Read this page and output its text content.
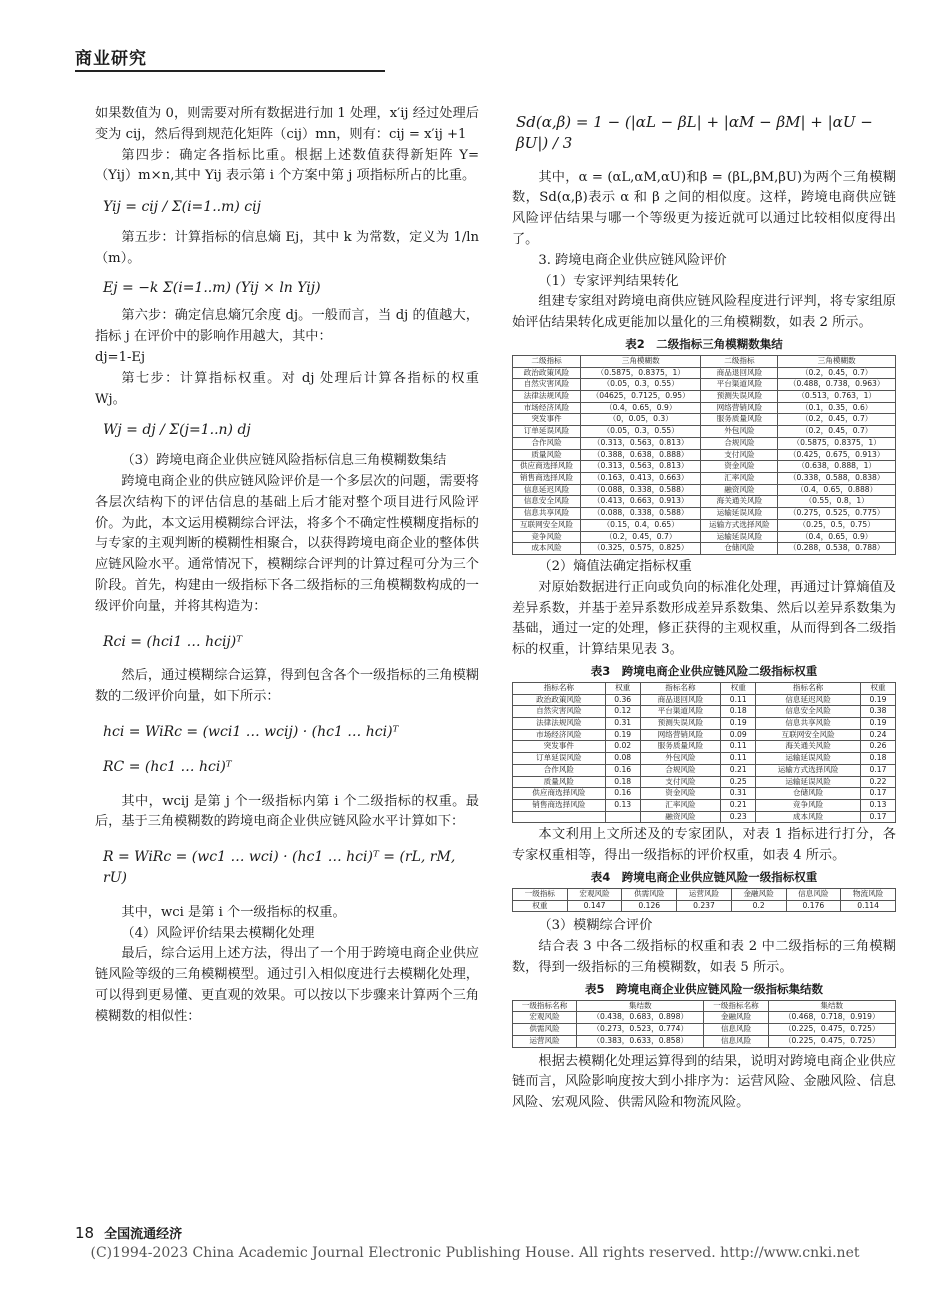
商业研究

如果数值为 0，则需要对所有数据进行加 1 处理，x′ij 经过处理后变为 cij，然后得到规范化矩阵（cij）mn，则有：cij = x′ij +1

第四步：确定各指标比重。根据上述数值获得新矩阵 Y=（Yij）m×n,其中 Yij 表示第 i 个方案中第 j 项指标所占的比重。

Yij = cij / Σ(i=1..m) cij

第五步：计算指标的信息熵 Ej，其中 k 为常数，定义为 1/ln（m）。

Ej = −k Σ(i=1..m) (Yij × ln Yij)

第六步：确定信息熵冗余度 dj。一般而言，当 dj 的值越大，指标 j 在评价中的影响作用越大，其中：

dj=1-Ej

第七步：计算指标权重。对 dj 处理后计算各指标的权重 Wj。

Wj = dj / Σ(j=1..n) dj

（3）跨境电商企业供应链风险指标信息三角模糊数集结

跨境电商企业的供应链风险评价是一个多层次的问题，需要将各层次结构下的评估信息的基础上后才能对整个项目进行风险评价。为此，本文运用模糊综合评法，将多个不确定性模糊度指标的与专家的主观判断的模糊性相聚合，以获得跨境电商企业的整体供应链风险水平。通常情况下，模糊综合评判的计算过程可分为三个阶段。首先，构建由一级指标下各二级指标的三角模糊数构成的一级评价向量，并将其构造为：

Rci = (hci1 … hcij)ᵀ

然后，通过模糊综合运算，得到包含各个一级指标的三角模糊数的二级评价向量，如下所示：

hci = WiRc = (wci1 … wcij) · (hc1 … hci)ᵀ
RC = (hc1 … hci)ᵀ

其中，wcij 是第 j 个一级指标内第 i 个二级指标的权重。最后，基于三角模糊数的跨境电商企业供应链风险水平计算如下：

R = WiRc = (wc1 … wci) · (hc1 … hci)ᵀ = (rL, rM, rU)

其中，wci 是第 i 个一级指标的权重。

（4）风险评价结果去模糊化处理

最后，综合运用上述方法，得出了一个用于跨境电商企业供应链风险等级的三角模糊模型。通过引入相似度进行去模糊化处理，可以得到更易懂、更直观的效果。可以按以下步骤来计算两个三角模糊数的相似性：

Sd(α,β) = 1 − (|αL − βL| + |αM − βM| + |αU − βU|) / 3

其中，α = (αL,αM,αU)和β = (βL,βM,βU)为两个三角模糊数，Sd(α,β)表示 α 和 β 之间的相似度。这样，跨境电商供应链风险评估结果与哪一个等级更为接近就可以通过比较相似度得出了。

3. 跨境电商企业供应链风险评价

（1）专家评判结果转化

组建专家组对跨境电商供应链风险程度进行评判，将专家组原始评估结果转化成更能加以量化的三角模糊数，如表 2 所示。

表2　二级指标三角模糊数集结
二级指标	三角模糊数	二级指标	三角模糊数
政治政策风险	（0.5875，0.8375，1）	商品退回风险	（0.2，0.45，0.7）
自然灾害风险	（0.05，0.3，0.55）	平台渠道风险	（0.488，0.738，0.963）
法律法规风险	（04625，0.7125，0.95）	预测失误风险	（0.513，0.763，1）
市场经济风险	（0.4，0.65，0.9）	网络营销风险	（0.1，0.35，0.6）
突发事件	（0，0.05，0.3）	服务质量风险	（0.2，0.45，0.7）
订单延误风险	（0.05，0.3，0.55）	外包风险	（0.2，0.45，0.7）
合作风险	（0.313，0.563，0.813）	合规风险	（0.5875，0.8375，1）
质量风险	（0.388，0.638，0.888）	支付风险	（0.425，0.675，0.913）
供应商选择风险	（0.313，0.563，0.813）	资金风险	（0.638，0.888，1）
销售商选择风险	（0.163，0.413，0.663）	汇率风险	（0.338，0.588，0.838）
信息延迟风险	（0.088，0.338，0.588）	融资风险	（0.4，0.65，0.888）
信息安全风险	（0.413，0.663，0.913）	海关通关风险	（0.55，0.8，1）
信息共享风险	（0.088，0.338，0.588）	运输延误风险	（0.275，0.525，0.775）
互联网安全风险	（0.15，0.4，0.65）	运输方式选择风险	（0.25，0.5，0.75）
竞争风险	（0.2，0.45，0.7）	运输延误风险	（0.4，0.65，0.9）
成本风险	（0.325，0.575，0.825）	仓储风险	（0.288，0.538，0.788）

（2）熵值法确定指标权重

对原始数据进行正向或负向的标准化处理，再通过计算熵值及差异系数，并基于差异系数形成差异系数集、然后以差异系数集为基础，通过一定的处理，修正获得的主观权重，从而得到各二级指标的权重，计算结果见表 3。

表3　跨境电商企业供应链风险二级指标权重
指标名称	权重	指标名称	权重	指标名称	权重
政治政策风险	0.36	商品退回风险	0.11	信息延迟风险	0.19
自然灾害风险	0.12	平台渠道风险	0.18	信息安全风险	0.38
法律法规风险	0.31	预测失误风险	0.19	信息共享风险	0.19
市场经济风险	0.19	网络营销风险	0.09	互联网安全风险	0.24
突发事件	0.02	服务质量风险	0.11	海关通关风险	0.26
订单延误风险	0.08	外包风险	0.11	运输延误风险	0.18
合作风险	0.16	合规风险	0.21	运输方式选择风险	0.17
质量风险	0.18	支付风险	0.25	运输延误风险	0.22
供应商选择风险	0.16	资金风险	0.31	仓储风险	0.17
销售商选择风险	0.13	汇率风险	0.21	竞争风险	0.13
		融资风险	0.23	成本风险	0.17

本文利用上文所述及的专家团队，对表 1 指标进行打分，各专家权重相等，得出一级指标的评价权重，如表 4 所示。

表4　跨境电商企业供应链风险一级指标权重
一级指标	宏观风险	供需风险	运营风险	金融风险	信息风险	物流风险
权重	0.147	0.126	0.237	0.2	0.176	0.114

（3）模糊综合评价

结合表 3 中各二级指标的权重和表 2 中二级指标的三角模糊数，得到一级指标的三角模糊数，如表 5 所示。

表5　跨境电商企业供应链风险一级指标集结数
一级指标名称	集结数	一级指标名称	集结数
宏观风险	（0.438，0.683，0.898）	金融风险	（0.468，0.718，0.919）
供需风险	（0.273，0.523，0.774）	信息风险	（0.225，0.475，0.725）
运营风险	（0.383，0.633，0.858）	信息风险	（0.225，0.475，0.725）

根据去模糊化处理运算得到的结果，说明对跨境电商企业供应链而言，风险影响度按大到小排序为：运营风险、金融风险、信息风险、宏观风险、供需风险和物流风险。

18 全国流通经济
(C)1994-2023 China Academic Journal Electronic Publishing House. All rights reserved. http://www.cnki.net
